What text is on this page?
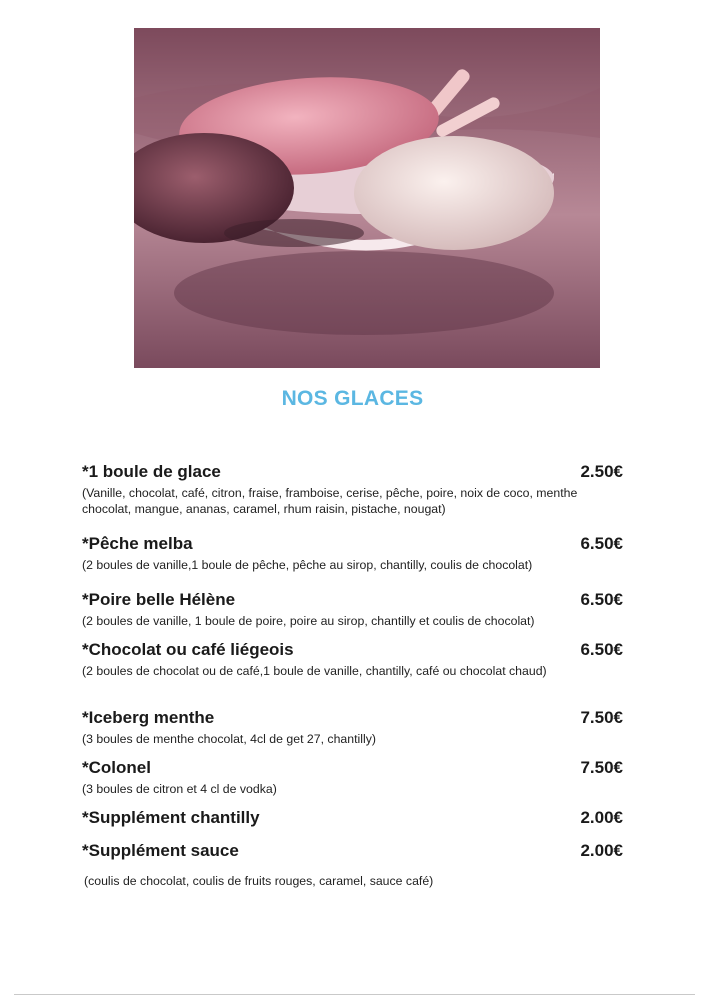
NOS GLACES
*1 boule de glace	2.50€
(Vanille, chocolat, café, citron, fraise, framboise, cerise, pêche, poire, noix de coco, menthe chocolat, mangue, ananas, caramel, rhum raisin, pistache, nougat)
*Pêche melba	6.50€
(2 boules de vanille,1 boule de pêche, pêche au sirop, chantilly, coulis de chocolat)
*Poire belle Hélène	6.50€
(2 boules de vanille, 1 boule de poire, poire au sirop, chantilly et coulis de chocolat)
*Chocolat ou café liégeois	6.50€
(2 boules de chocolat ou de café,1 boule de vanille, chantilly, café ou chocolat chaud)
*Iceberg menthe	7.50€
(3 boules de menthe chocolat, 4cl de get 27, chantilly)
*Colonel	7.50€
(3 boules de citron et 4 cl de vodka)
*Supplément chantilly	2.00€
*Supplément sauce	2.00€
(coulis de chocolat, coulis de fruits rouges, caramel, sauce café)
